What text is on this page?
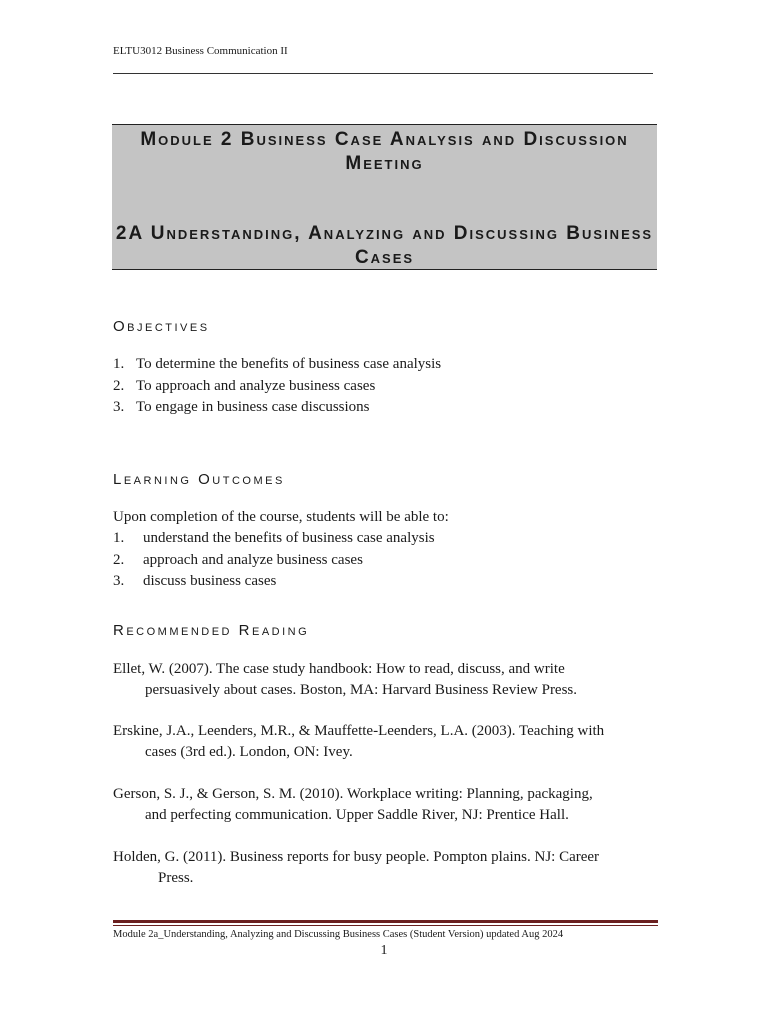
ELTU3012 Business Communication II
Module 2 Business Case Analysis and Discussion Meeting
2A Understanding, Analyzing and Discussing Business Cases
Objectives
1. To determine the benefits of business case analysis
2. To approach and analyze business cases
3. To engage in business case discussions
Learning Outcomes
Upon completion of the course, students will be able to:
1. understand the benefits of business case analysis
2. approach and analyze business cases
3. discuss business cases
Recommended Reading
Ellet, W. (2007). The case study handbook: How to read, discuss, and write
persuasively about cases. Boston, MA: Harvard Business Review Press.
Erskine, J.A., Leenders, M.R., & Mauffette-Leenders, L.A. (2003). Teaching with
cases (3rd ed.). London, ON: Ivey.
Gerson, S. J., & Gerson, S. M. (2010). Workplace writing: Planning, packaging,
and perfecting communication. Upper Saddle River, NJ: Prentice Hall.
Holden, G. (2011). Business reports for busy people. Pompton plains. NJ: Career
Press.
Module 2a_Understanding, Analyzing and Discussing Business Cases (Student Version) updated Aug 2024
1
